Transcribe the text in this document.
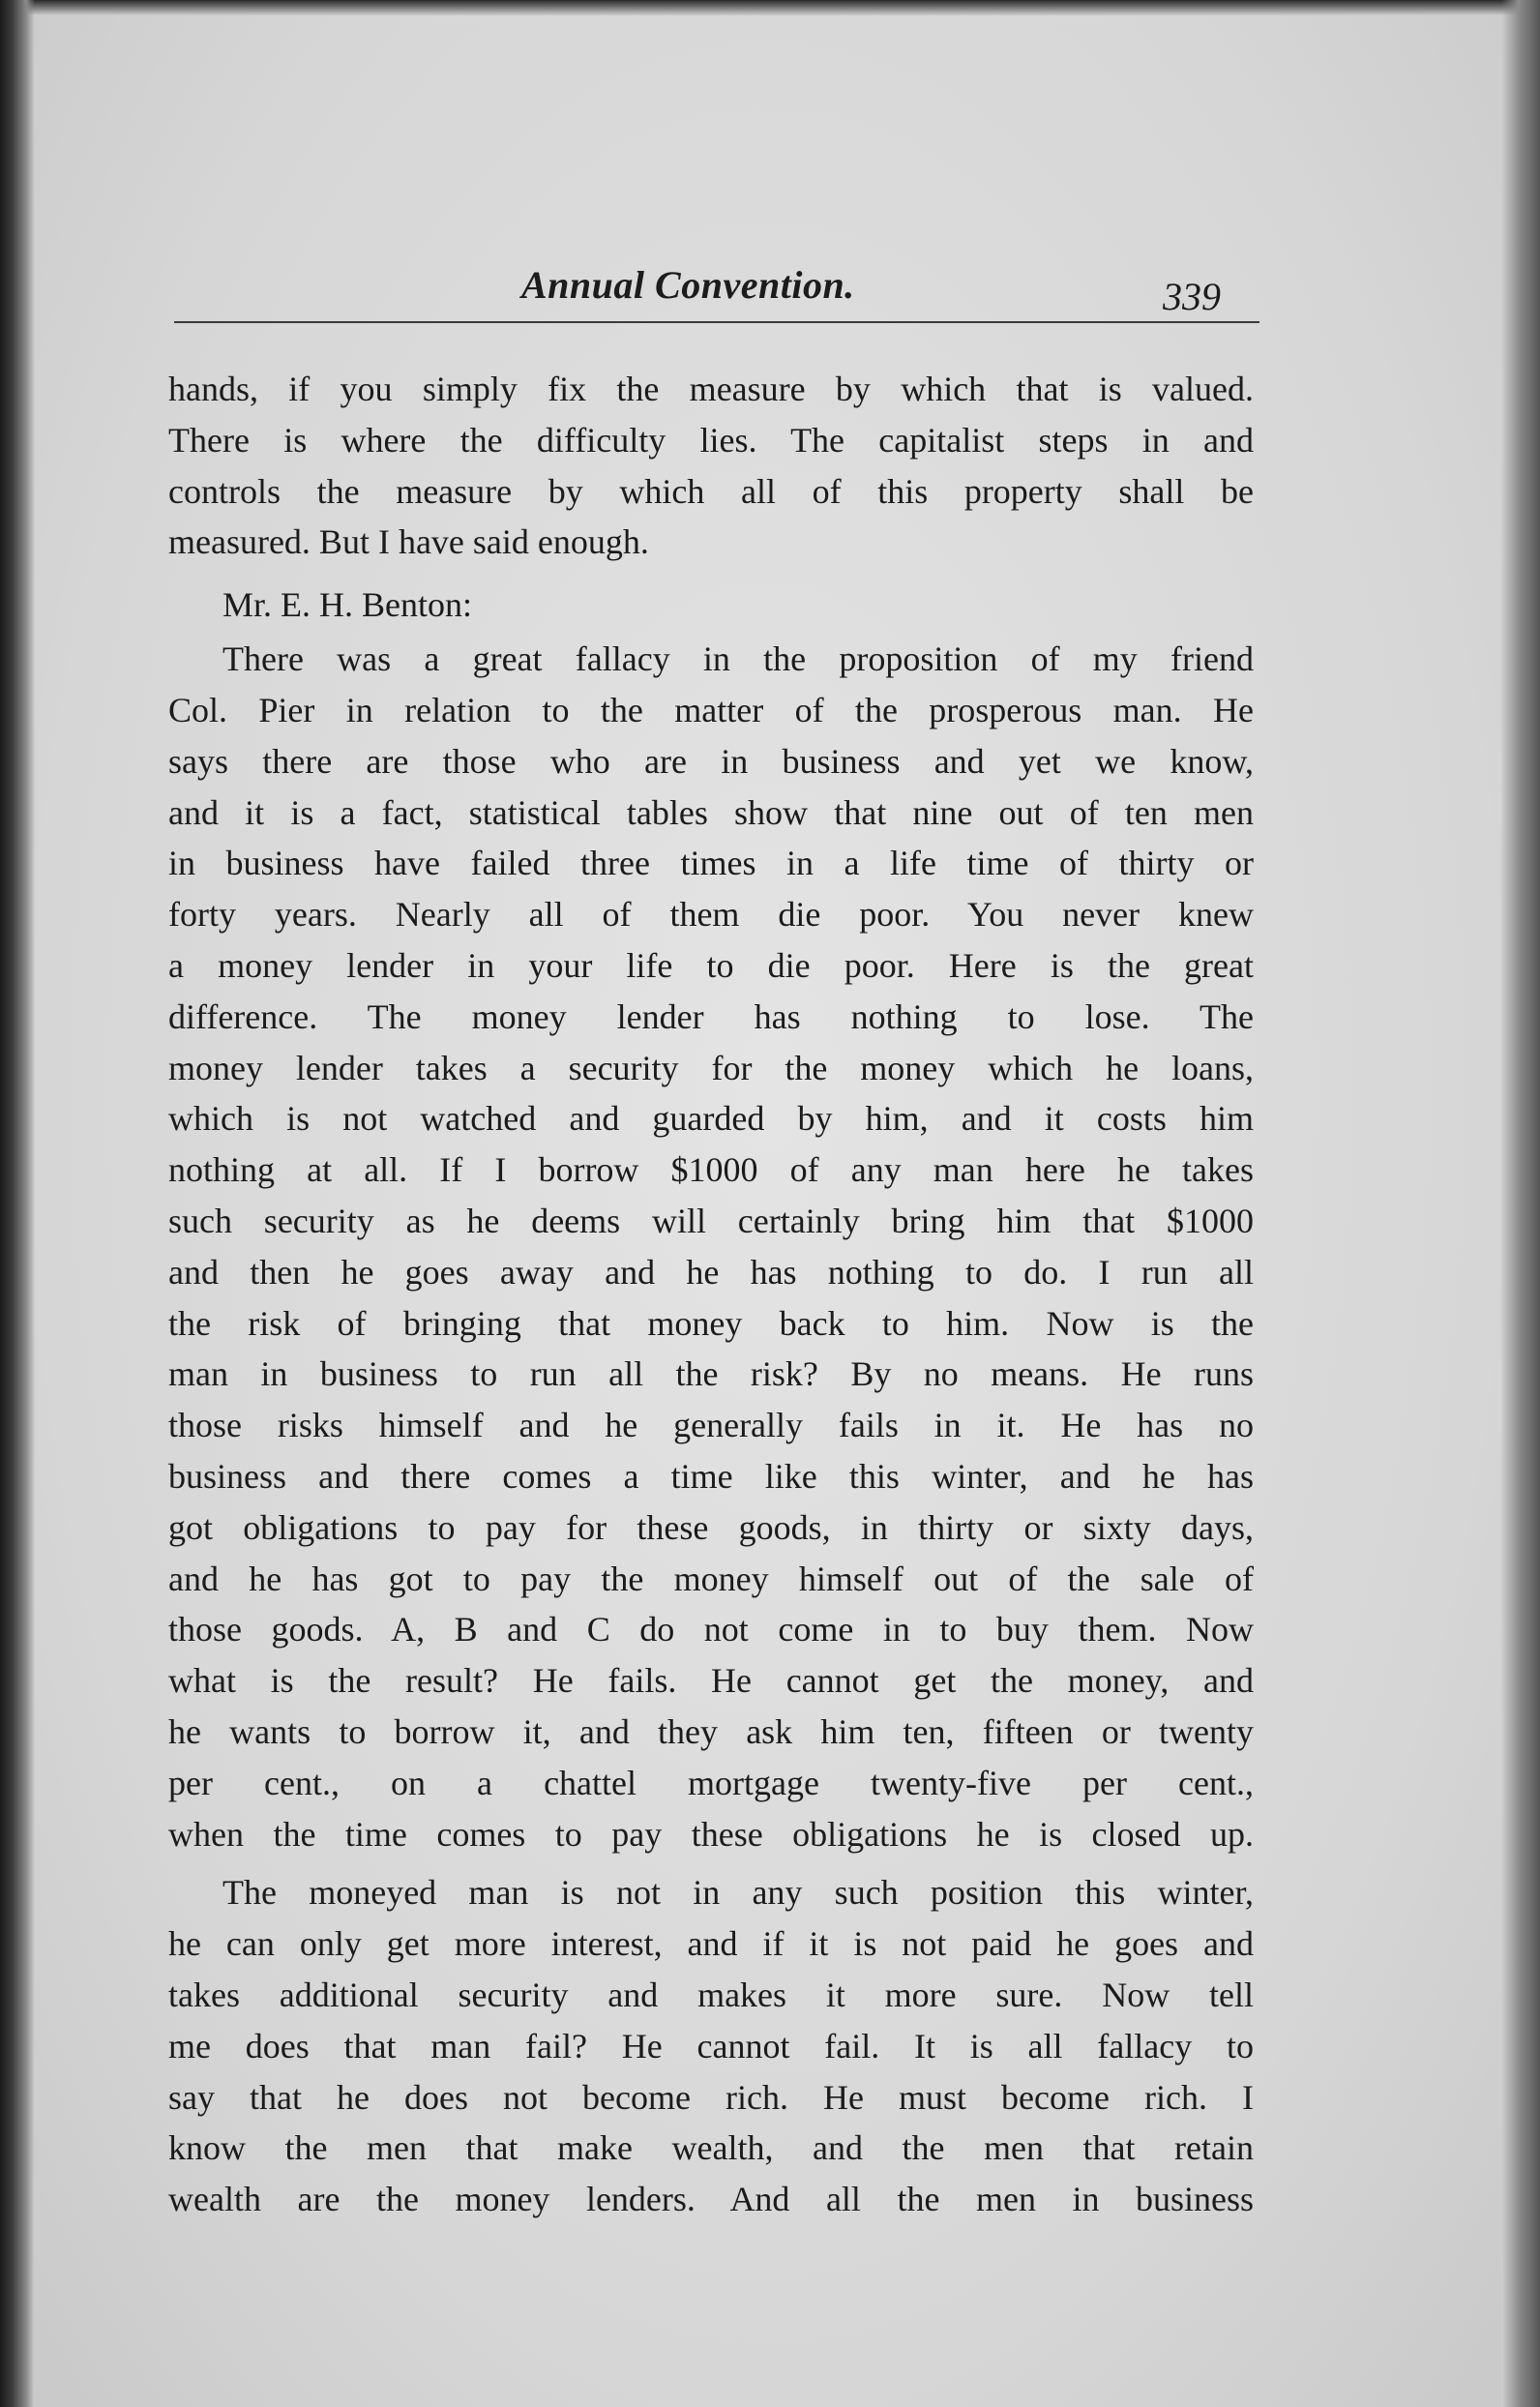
Annual Convention.	339
hands, if you simply fix the measure by which that is valued.
There is where the difficulty lies. The capitalist steps in and
controls the measure by which all of this property shall be
measured. But I have said enough.
Mr. E. H. Benton:
There was a great fallacy in the proposition of my friend
Col. Pier in relation to the matter of the prosperous man. He
says there are those who are in business and yet we know,
and it is a fact, statistical tables show that nine out of ten men
in business have failed three times in a life time of thirty or
forty years. Nearly all of them die poor. You never knew
a money lender in your life to die poor. Here is the great
difference. The money lender has nothing to lose. The
money lender takes a security for the money which he loans,
which is not watched and guarded by him, and it costs him
nothing at all. If I borrow $1000 of any man here he takes
such security as he deems will certainly bring him that $1000
and then he goes away and he has nothing to do. I run all
the risk of bringing that money back to him. Now is the
man in business to run all the risk? By no means. He runs
those risks himself and he generally fails in it. He has no
business and there comes a time like this winter, and he has
got obligations to pay for these goods, in thirty or sixty days,
and he has got to pay the money himself out of the sale of
those goods. A, B and C do not come in to buy them. Now
what is the result? He fails. He cannot get the money, and
he wants to borrow it, and they ask him ten, fifteen or twenty
per cent., on a chattel mortgage twenty-five per cent.,
when the time comes to pay these obligations he is closed up.
The moneyed man is not in any such position this winter,
he can only get more interest, and if it is not paid he goes and
takes additional security and makes it more sure. Now tell
me does that man fail? He cannot fail. It is all fallacy to
say that he does not become rich. He must become rich. I
know the men that make wealth, and the men that retain
wealth are the money lenders. And all the men in business
